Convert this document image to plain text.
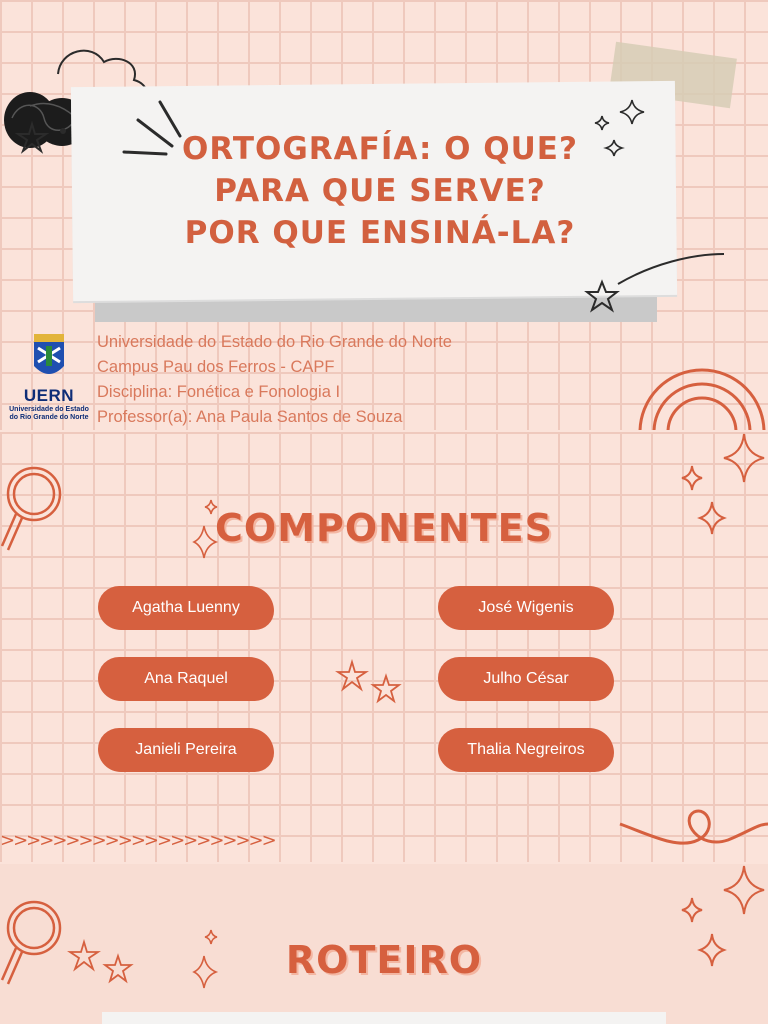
ORTOGRAFÍA: O QUE?
PARA QUE SERVE?
POR QUE ENSINÁ-LA?
UERN
Universidade do Estado
do Rio Grande do Norte
Universidade do Estado do Rio Grande do Norte
Campus Pau dos Ferros - CAPF
Disciplina: Fonética e Fonologia I
Professor(a): Ana Paula Santos de Souza
COMPONENTES
Agatha Luenny	José Wigenis
Ana Raquel	Julho César
Janieli Pereira	Thalia Negreiros
>>>>>>>>>>>>>>>>>>>>>
ROTEIRO
